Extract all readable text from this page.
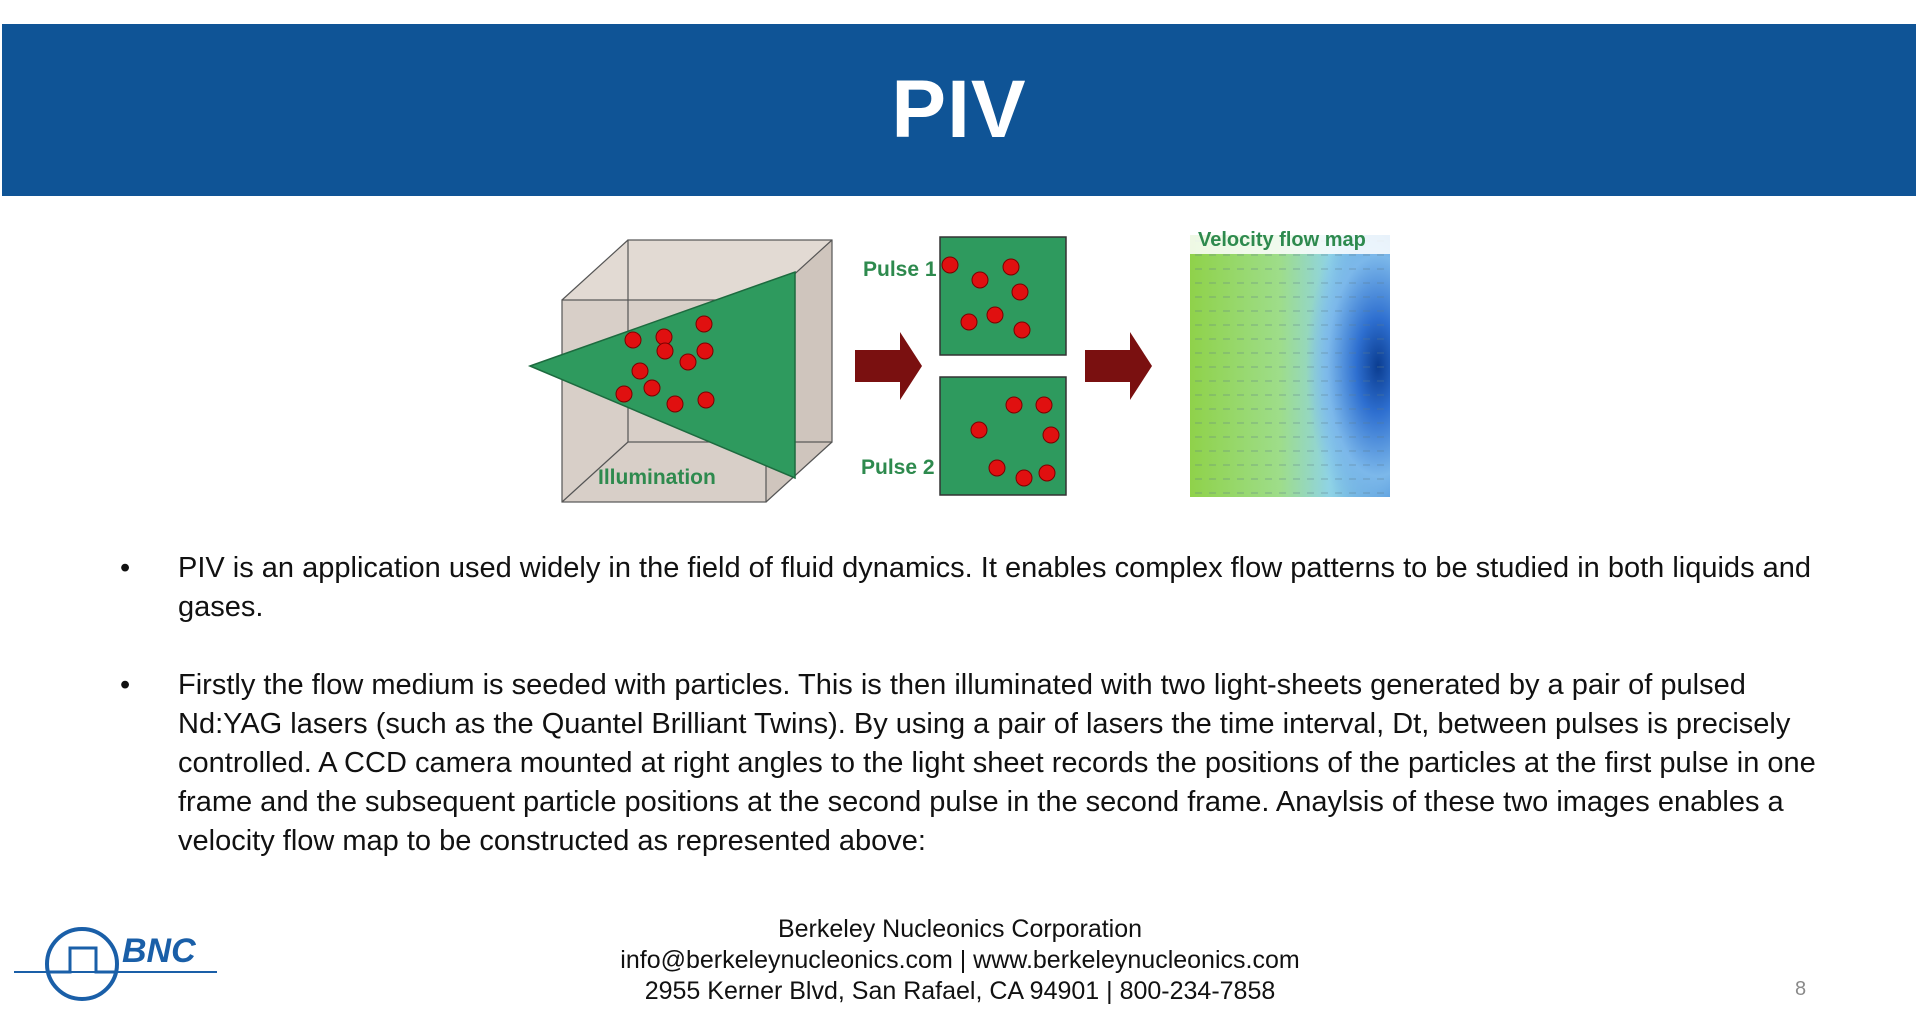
PIV
Illumination
Pulse 1
Pulse 2
Velocity flow map
•	PIV is an application used widely in the field of fluid dynamics. It enables complex flow patterns to be studied in both liquids and gases.
•	Firstly the flow medium is seeded with particles. This is then illuminated with two light-sheets generated by a pair of pulsed Nd:YAG lasers (such as the Quantel Brilliant Twins). By using a pair of lasers the time interval, Dt, between pulses is precisely controlled. A CCD camera mounted at right angles to the light sheet records the positions of the particles at the first pulse in one frame and the subsequent particle positions at the second pulse in the second frame. Anaylsis of these two images enables a velocity flow map to be constructed as represented above:
BNC
Berkeley Nucleonics Corporation
info@berkeleynucleonics.com | www.berkeleynucleonics.com
2955 Kerner Blvd, San Rafael, CA 94901 | 800-234-7858	8
